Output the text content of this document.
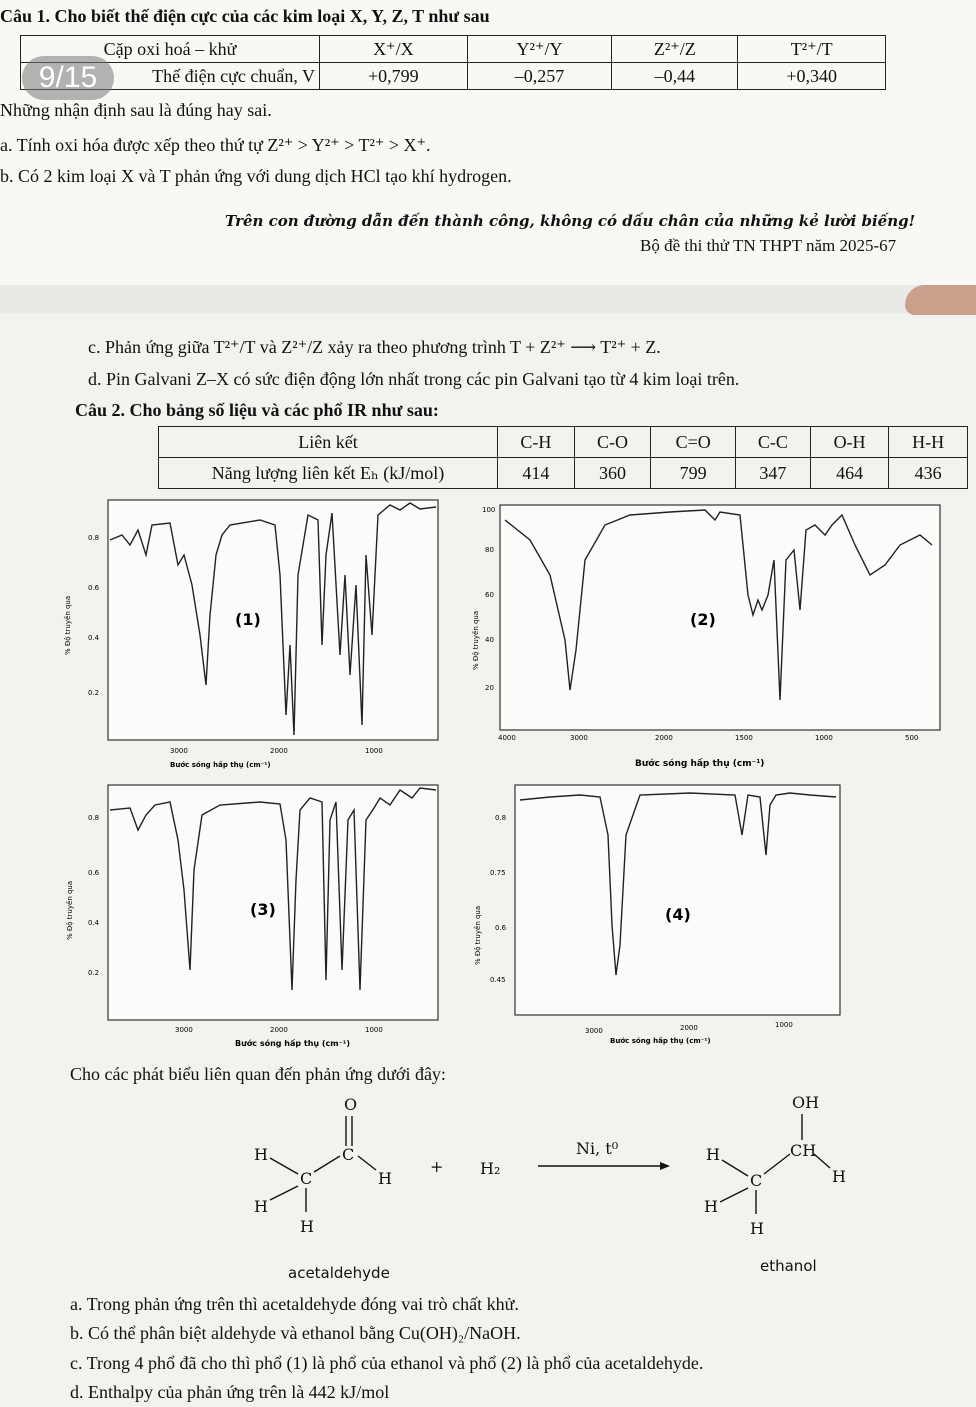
Câu 1. Cho biết thế điện cực của các kim loại X, Y, Z, T như sau
Cặp oxi hoá – khử	X⁺/X	Y²⁺/Y	Z²⁺/Z	T²⁺/T
Thế điện cực chuẩn, V	+0,799	–0,257	–0,44	+0,340
9/15
Những nhận định sau là đúng hay sai.
a. Tính oxi hóa được xếp theo thứ tự Z²⁺ > Y²⁺ > T²⁺ > X⁺.
b. Có 2 kim loại X và T phản ứng với dung dịch HCl tạo khí hydrogen.
Trên con đường dẫn đến thành công, không có dấu chân của những kẻ lười biếng!
Bộ đề thi thử TN THPT năm 2025-67
c. Phản ứng giữa T²⁺/T và Z²⁺/Z xảy ra theo phương trình T + Z²⁺ ⟶ T²⁺ + Z.
d. Pin Galvani Z–X có sức điện động lớn nhất trong các pin Galvani tạo từ 4 kim loại trên.
Câu 2. Cho bảng số liệu và các phổ IR như sau:
Liên kết	C-H	C-O	C=O	C-C	O-H	H-H
Năng lượng liên kết Eₕ (kJ/mol)	414	360	799	347	464	436
(1)
0.8
0.6
0.4
0.2
3000	2000	1000
Bước sóng hấp thụ (cm⁻¹)
% Độ truyền qua	(2)
100
80
60
40
20
4000	3000	2000	1500	1000	500
Bước sóng hấp thụ (cm⁻¹)
% Độ truyền qua
(3)
0.8
0.6
0.4
0.2
3000	2000	1000
Bước sóng hấp thụ (cm⁻¹)
% Độ truyền qua	(4)
0.8
0.75
0.6
0.45
3000	2000	1000
Bước sóng hấp thụ (cm⁻¹)
% Độ truyền qua
Cho các phát biểu liên quan đến phản ứng dưới đây:
O
C
H
C	H
H
H
+ H₂
Ni, t⁰
OH
CH
H
C	H
H
H
acetaldehyde	ethanol
a. Trong phản ứng trên thì acetaldehyde đóng vai trò chất khử.
b. Có thể phân biệt aldehyde và ethanol bằng Cu(OH)₂/NaOH.
c. Trong 4 phổ đã cho thì phổ (1) là phổ của ethanol và phổ (2) là phổ của acetaldehyde.
d. Enthalpy của phản ứng trên là 442 kJ/mol
